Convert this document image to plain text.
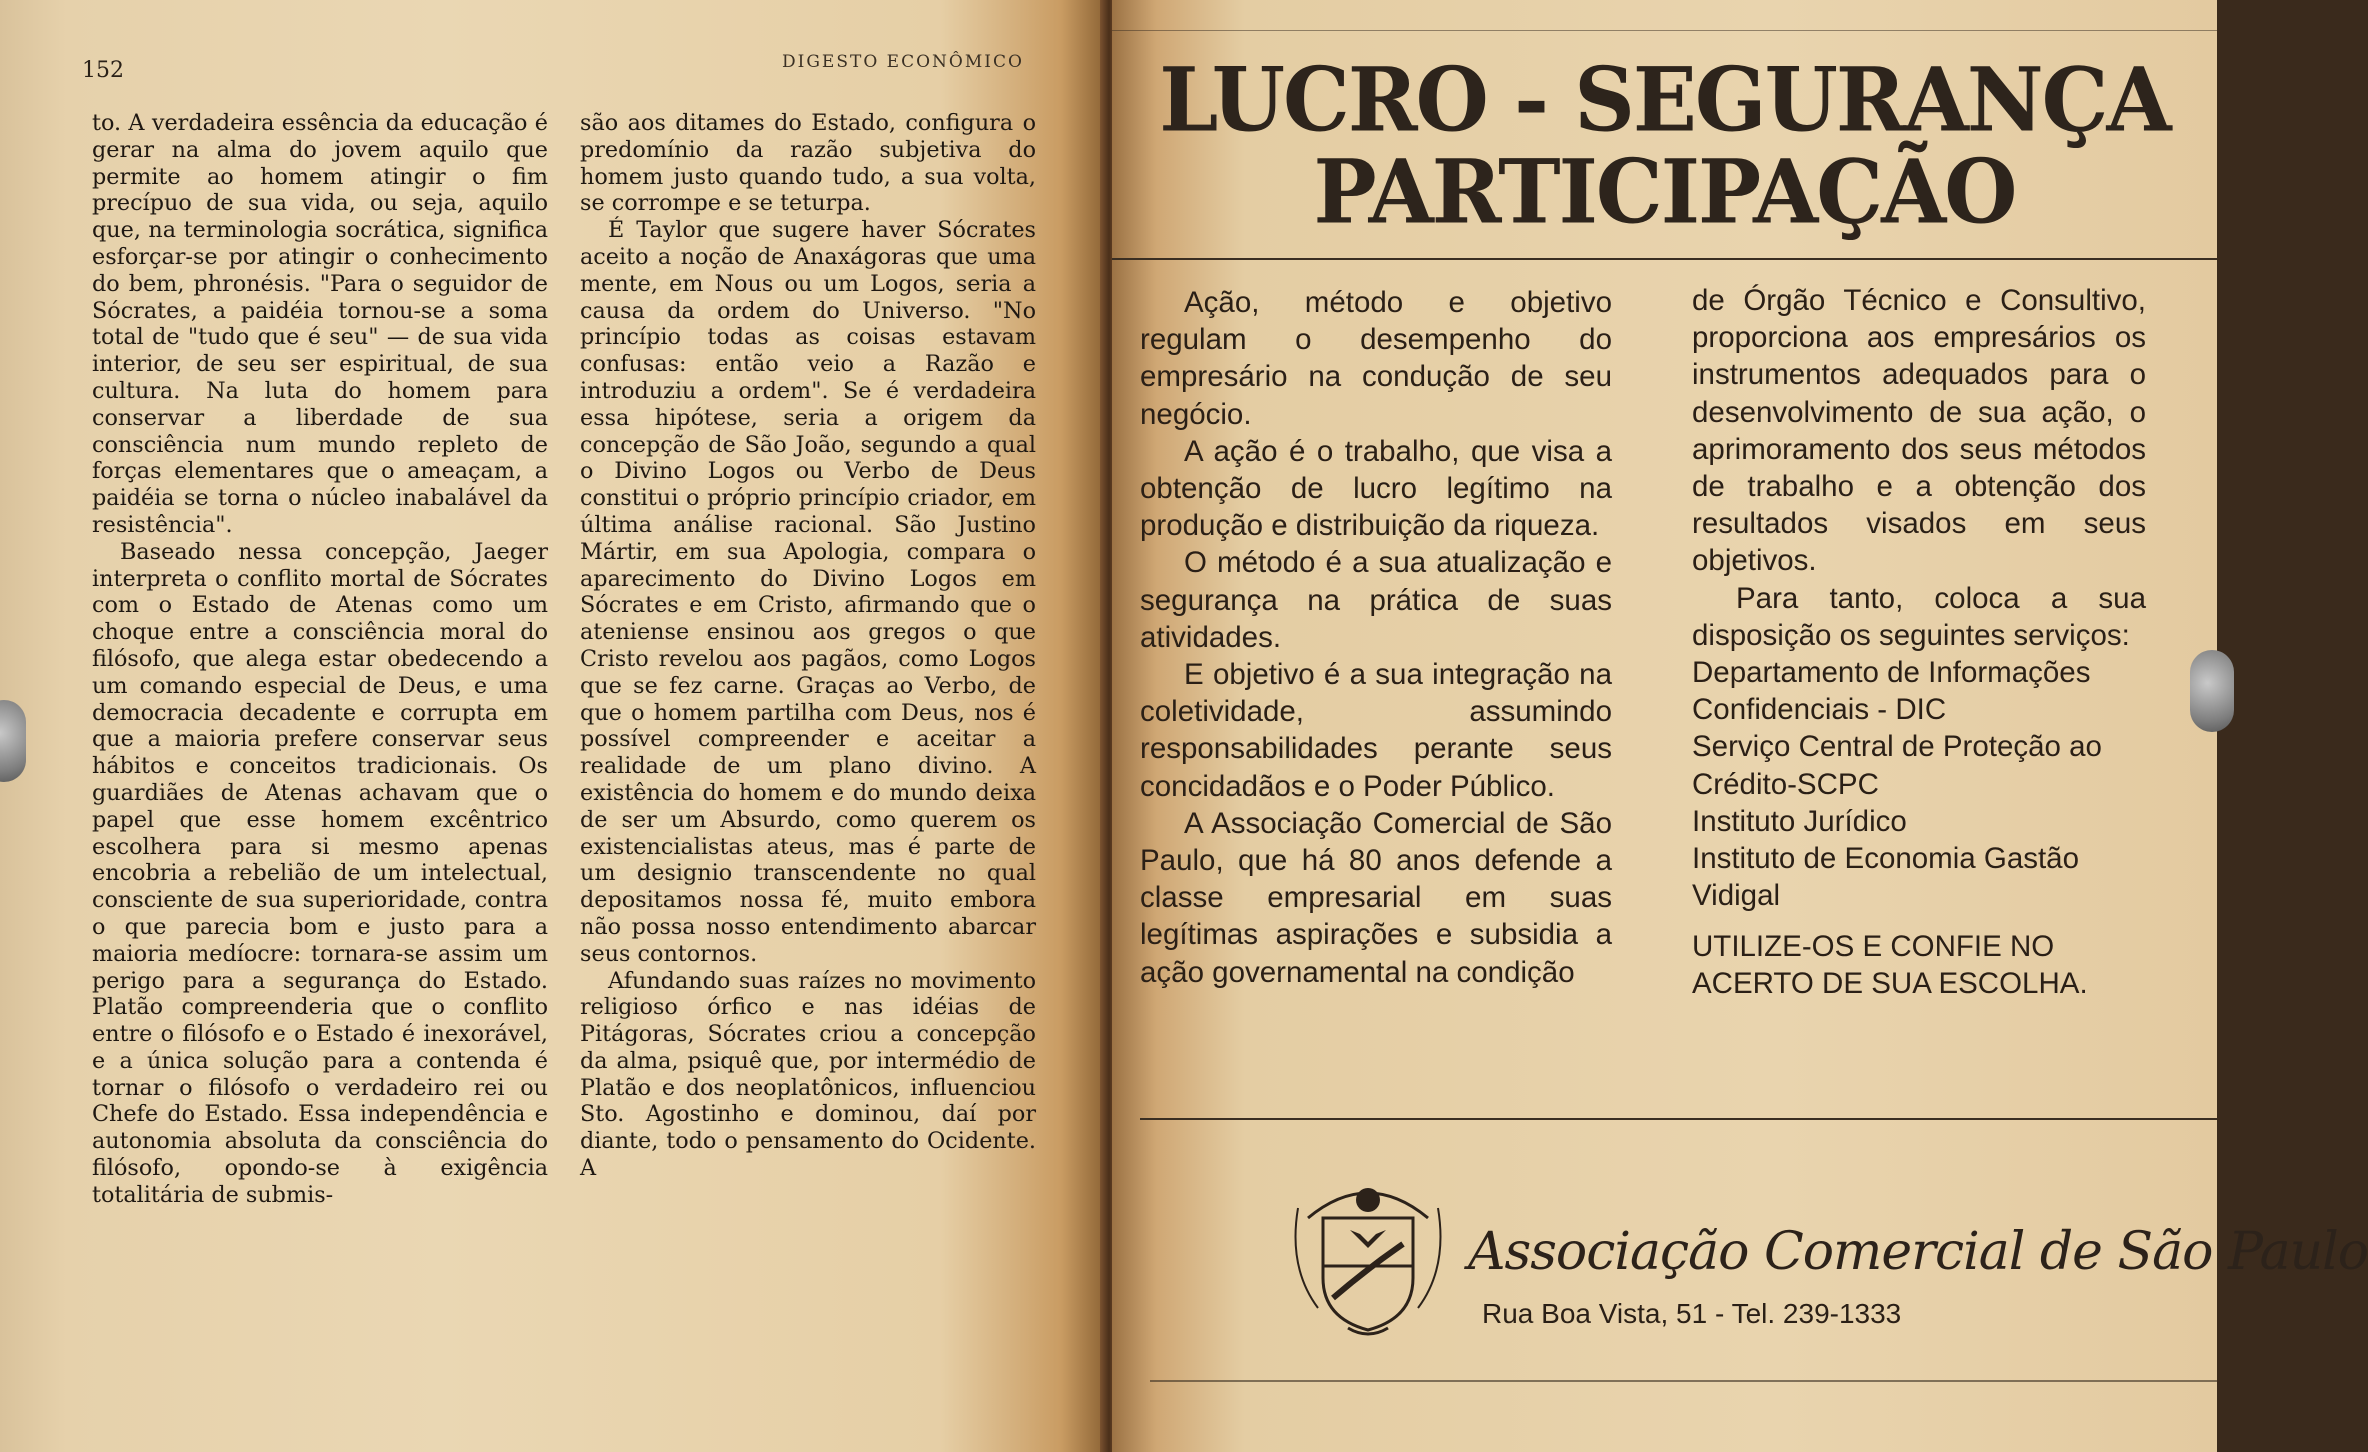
152	DIGESTO ECONÔMICO

to. A verdadeira essência da educação é gerar na alma do jovem aquilo que permite ao homem atingir o fim precípuo de sua vida, ou seja, aquilo que, na terminologia socrática, significa esforçar-se por atingir o conhecimento do bem, phronésis. "Para o seguidor de Sócrates, a paidéia tornou-se a soma total de "tudo que é seu" — de sua vida interior, de seu ser espiritual, de sua cultura. Na luta do homem para conservar a liberdade de sua consciência num mundo repleto de forças elementares que o ameaçam, a paidéia se torna o núcleo inabalável da resistência".

Baseado nessa concepção, Jaeger interpreta o conflito mortal de Sócrates com o Estado de Atenas como um choque entre a consciência moral do filósofo, que alega estar obedecendo a um comando especial de Deus, e uma democracia decadente e corrupta em que a maioria prefere conservar seus hábitos e conceitos tradicionais. Os guardiães de Atenas achavam que o papel que esse homem excêntrico escolhera para si mesmo apenas encobria a rebelião de um intelectual, consciente de sua superioridade, contra o que parecia bom e justo para a maioria medíocre: tornara-se assim um perigo para a segurança do Estado. Platão compreenderia que o conflito entre o filósofo e o Estado é inexorável, e a única solução para a contenda é tornar o filósofo o verdadeiro rei ou Chefe do Estado. Essa independência e autonomia absoluta da consciência do filósofo, opondo-se à exigência totalitária de submis-

são aos ditames do Estado, configura o predomínio da razão subjetiva do homem justo quando tudo, a sua volta, se corrompe e se teturpa.

É Taylor que sugere haver Sócrates aceito a noção de Anaxágoras que uma mente, em Nous ou um Logos, seria a causa da ordem do Universo. "No princípio todas as coisas estavam confusas: então veio a Razão e introduziu a ordem". Se é verdadeira essa hipótese, seria a origem da concepção de São João, segundo a qual o Divino Logos ou Verbo de Deus constitui o próprio princípio criador, em última análise racional. São Justino Mártir, em sua Apologia, compara o aparecimento do Divino Logos em Sócrates e em Cristo, afirmando que o ateniense ensinou aos gregos o que Cristo revelou aos pagãos, como Logos que se fez carne. Graças ao Verbo, de que o homem partilha com Deus, nos é possível compreender e aceitar a realidade de um plano divino. A existência do homem e do mundo deixa de ser um Absurdo, como querem os existencialistas ateus, mas é parte de um designio transcendente no qual depositamos nossa fé, muito embora não possa nosso entendimento abarcar seus contornos.

Afundando suas raízes no movimento religioso órfico e nas idéias de Pitágoras, Sócrates criou a concepção da alma, psiquê que, por intermédio de Platão e dos neoplatônicos, influenciou Sto. Agostinho e dominou, daí por diante, todo o pensamento do Ocidente. A

LUCRO - SEGURANÇA
PARTICIPAÇÃO

Ação, método e objetivo regulam o desempenho do empresário na condução de seu negócio.

A ação é o trabalho, que visa a obtenção de lucro legítimo na produção e distribuição da riqueza.

O método é a sua atualização e segurança na prática de suas atividades.

E objetivo é a sua integração na coletividade, assumindo responsabilidades perante seus concidadãos e o Poder Público.

A Associação Comercial de São Paulo, que há 80 anos defende a classe empresarial em suas legítimas aspirações e subsidia a ação governamental na condição

de Órgão Técnico e Consultivo, proporciona aos empresários os instrumentos adequados para o desenvolvimento de sua ação, o aprimoramento dos seus métodos de trabalho e a obtenção dos resultados visados em seus objetivos.

Para tanto, coloca a sua disposição os seguintes serviços:

Departamento de Informações Confidenciais - DIC

Serviço Central de Proteção ao Crédito-SCPC

Instituto Jurídico

Instituto de Economia Gastão Vidigal

UTILIZE-OS E CONFIE NO ACERTO DE SUA ESCOLHA.

Associação Comercial de São Paulo
Rua Boa Vista, 51 - Tel. 239-1333
